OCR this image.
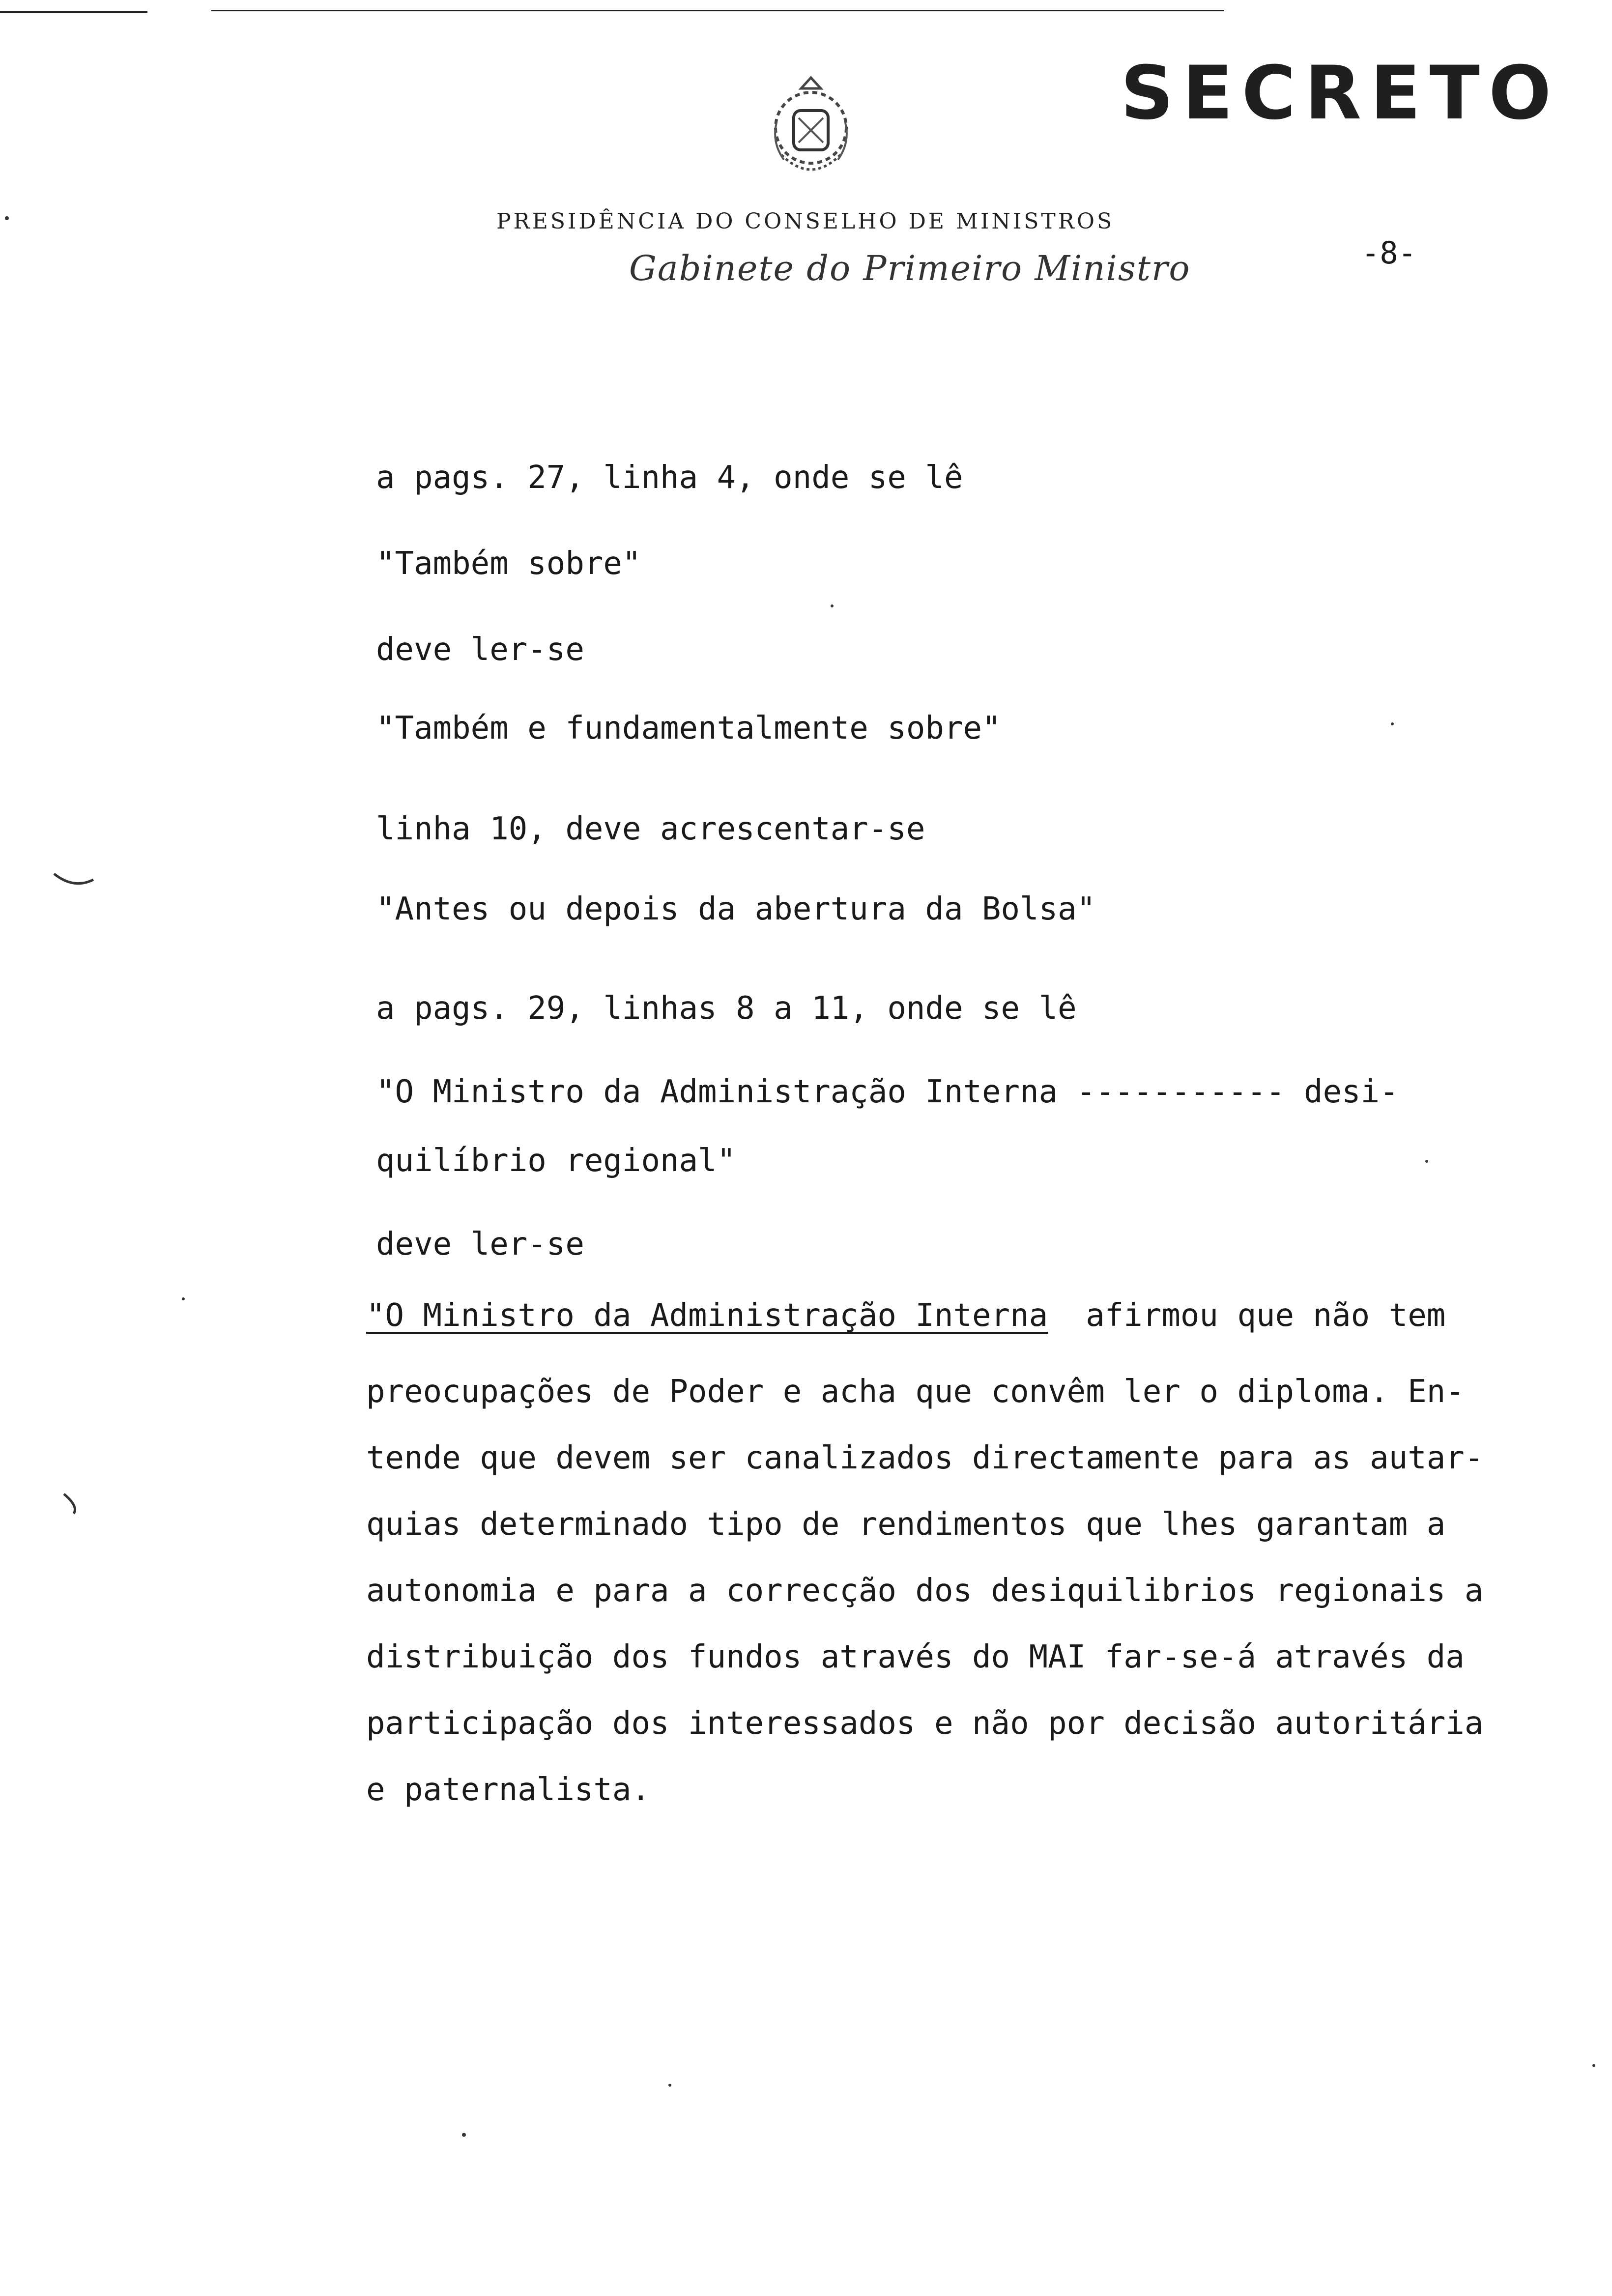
SECRETO
PRESIDÊNCIA DO CONSELHO DE MINISTROS
Gabinete do Primeiro Ministro	-8-
a pags. 27, linha 4, onde se lê
"Também sobre"
deve ler-se
"Também e fundamentalmente sobre"
linha 10, deve acrescentar-se
"Antes ou depois da abertura da Bolsa"
a pags. 29, linhas 8 a 11, onde se lê
"O Ministro da Administração Interna ----------- desi-
quilíbrio regional"
deve ler-se
"O Ministro da Administração Interna  afirmou que não tem
preocupações de Poder e acha que convêm ler o diploma. En-
tende que devem ser canalizados directamente para as autar-
quias determinado tipo de rendimentos que lhes garantam a
autonomia e para a correcção dos desiquilibrios regionais a
distribuição dos fundos através do MAI far-se-á através da
participação dos interessados e não por decisão autoritária
e paternalista.
